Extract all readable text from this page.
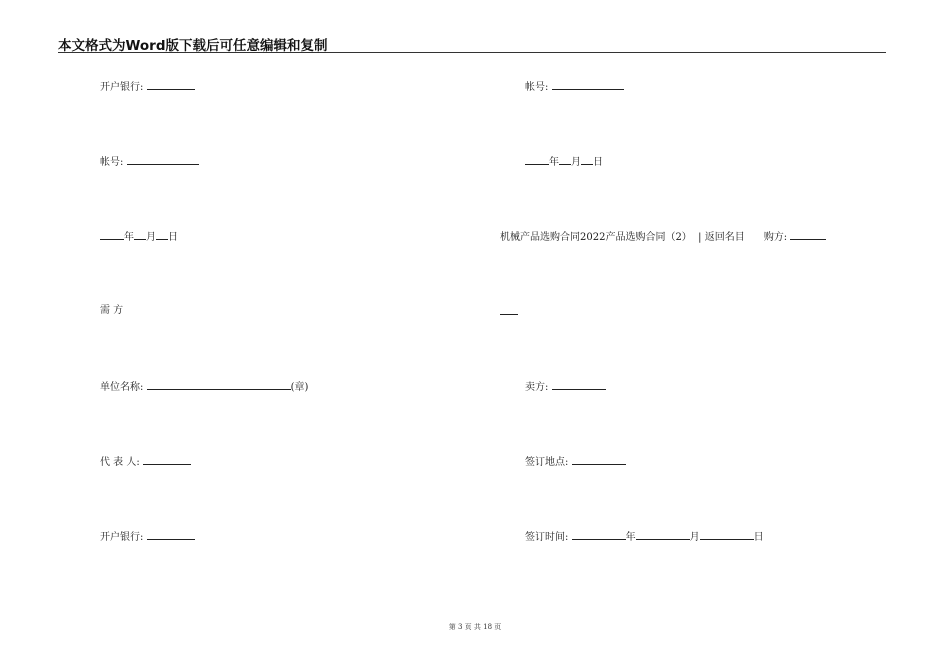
本文格式为Word版下载后可任意编辑和复制
开户银行:
帐号:
年 月 日
需 方
单位名称:	(章)
代 表 人:
开户银行:
帐号:
年 月 日
机械产品选购合同2022产品选购合同（2） | 返回名目 购方:
卖方:
签订地点:
签订时间:	年	月	日
第 3 页 共 18 页
